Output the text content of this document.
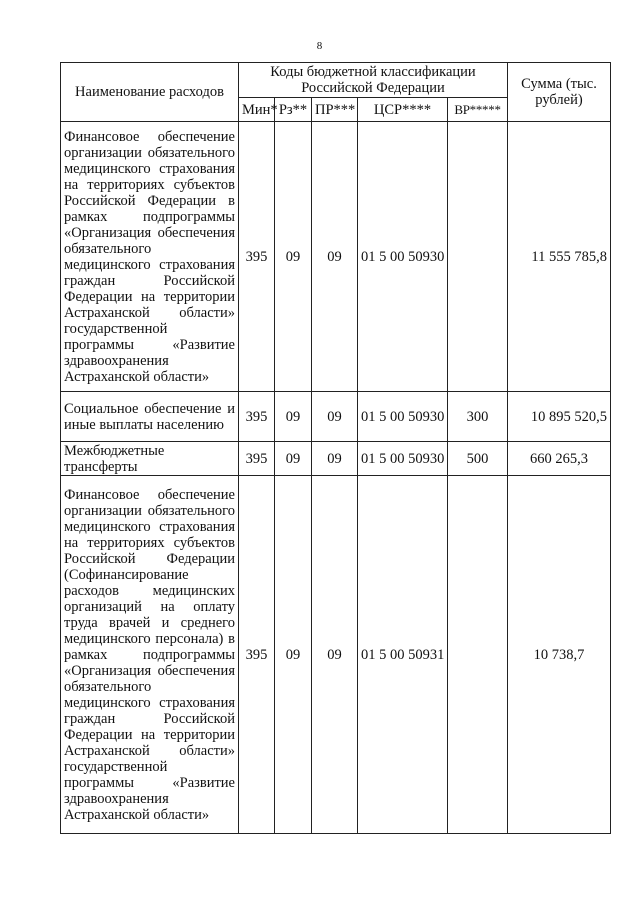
8
Наименование расходов	Коды бюджетной классификации Российской Федерации					Сумма (тыс. рублей)
	Мин*	Рз**	ПР***	ЦСР****	ВР*****	
Финансовое обеспечение организации обязательного медицинского страхования на территориях субъектов Российской Федерации в рамках подпрограммы «Организация обеспечения обязательного медицинского страхования граждан Российской Федерации на территории Астраханской области» государственной программы «Развитие здравоохранения Астраханской области»	395	09	09	01 5 00 50930		11 555 785,8
Социальное обеспечение и иные выплаты населению	395	09	09	01 5 00 50930	300	10 895 520,5
Межбюджетные трансферты	395	09	09	01 5 00 50930	500	660 265,3
Финансовое обеспечение организации обязательного медицинского страхования на территориях субъектов Российской Федерации (Софинансирование расходов медицинских организаций на оплату труда врачей и среднего медицинского персонала) в рамках подпрограммы «Организация обеспечения обязательного медицинского страхования граждан Российской Федерации на территории Астраханской области» государственной программы «Развитие здравоохранения Астраханской области»	395	09	09	01 5 00 50931		10 738,7
